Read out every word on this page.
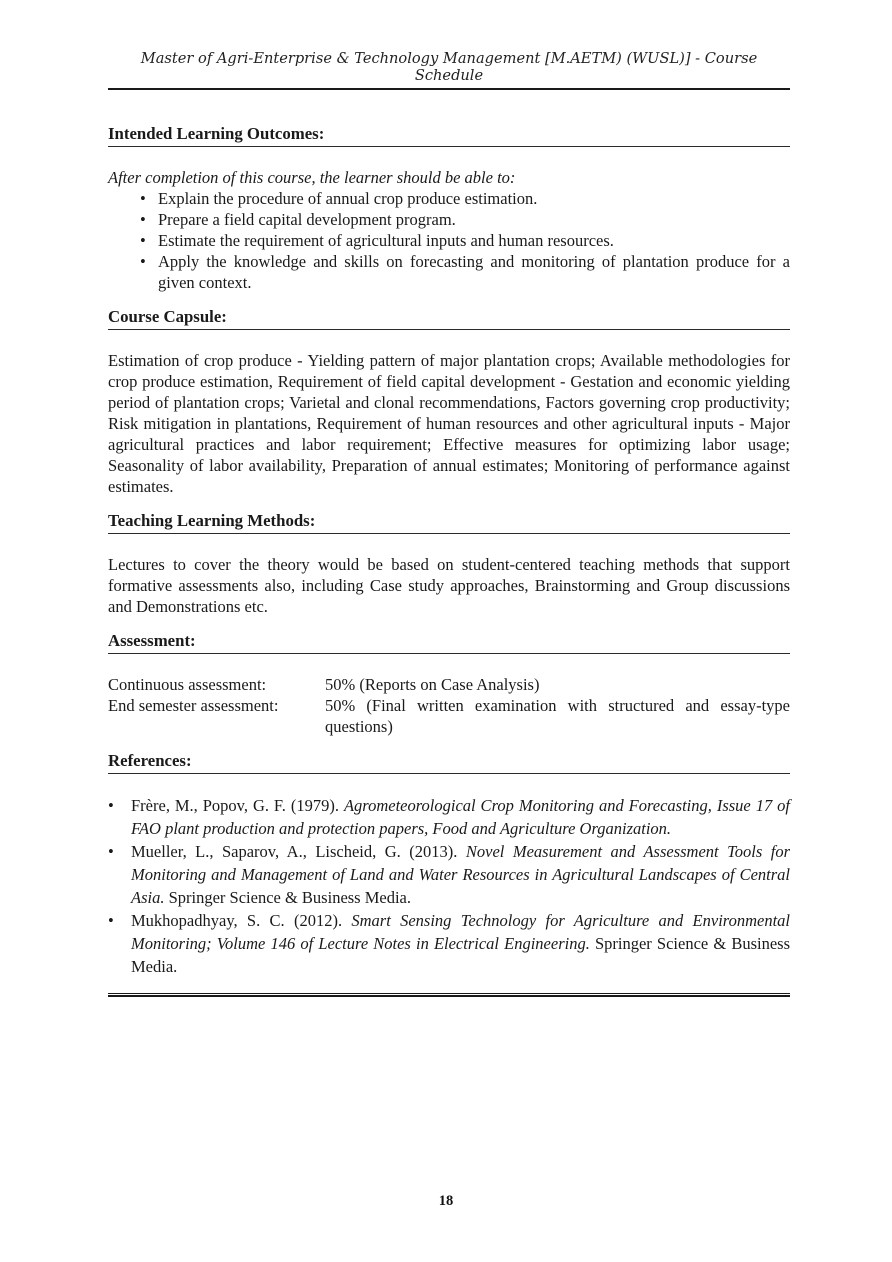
Master of Agri-Enterprise & Technology Management [M.AETM) (WUSL)] - Course Schedule
Intended Learning Outcomes:

After completion of this course, the learner should be able to:

• Explain the procedure of annual crop produce estimation.
• Prepare a field capital development program.
• Estimate the requirement of agricultural inputs and human resources.
• Apply the knowledge and skills on forecasting and monitoring of plantation produce for a given context.
Course Capsule:

Estimation of crop produce - Yielding pattern of major plantation crops; Available methodologies for crop produce estimation, Requirement of field capital development - Gestation and economic yielding period of plantation crops; Varietal and clonal recommendations, Factors governing crop productivity; Risk mitigation in plantations, Requirement of human resources and other agricultural inputs - Major agricultural practices and labor requirement; Effective measures for optimizing labor usage; Seasonality of labor availability, Preparation of annual estimates; Monitoring of performance against estimates.

Teaching Learning Methods:

Lectures to cover the theory would be based on student-centered teaching methods that support formative assessments also, including Case study approaches, Brainstorming and Group discussions and Demonstrations etc.

Assessment:
Continuous assessment:	50% (Reports on Case Analysis)
End semester assessment:	50% (Final written examination with structured and essay-type questions)
References:
• Frère, M., Popov, G. F. (1979). Agrometeorological Crop Monitoring and Forecasting, Issue 17 of FAO plant production and protection papers, Food and Agriculture Organization.
• Mueller, L., Saparov, A., Lischeid, G. (2013). Novel Measurement and Assessment Tools for Monitoring and Management of Land and Water Resources in Agricultural Landscapes of Central Asia. Springer Science & Business Media.
• Mukhopadhyay, S. C. (2012). Smart Sensing Technology for Agriculture and Environmental Monitoring; Volume 146 of Lecture Notes in Electrical Engineering. Springer Science & Business Media.
18
